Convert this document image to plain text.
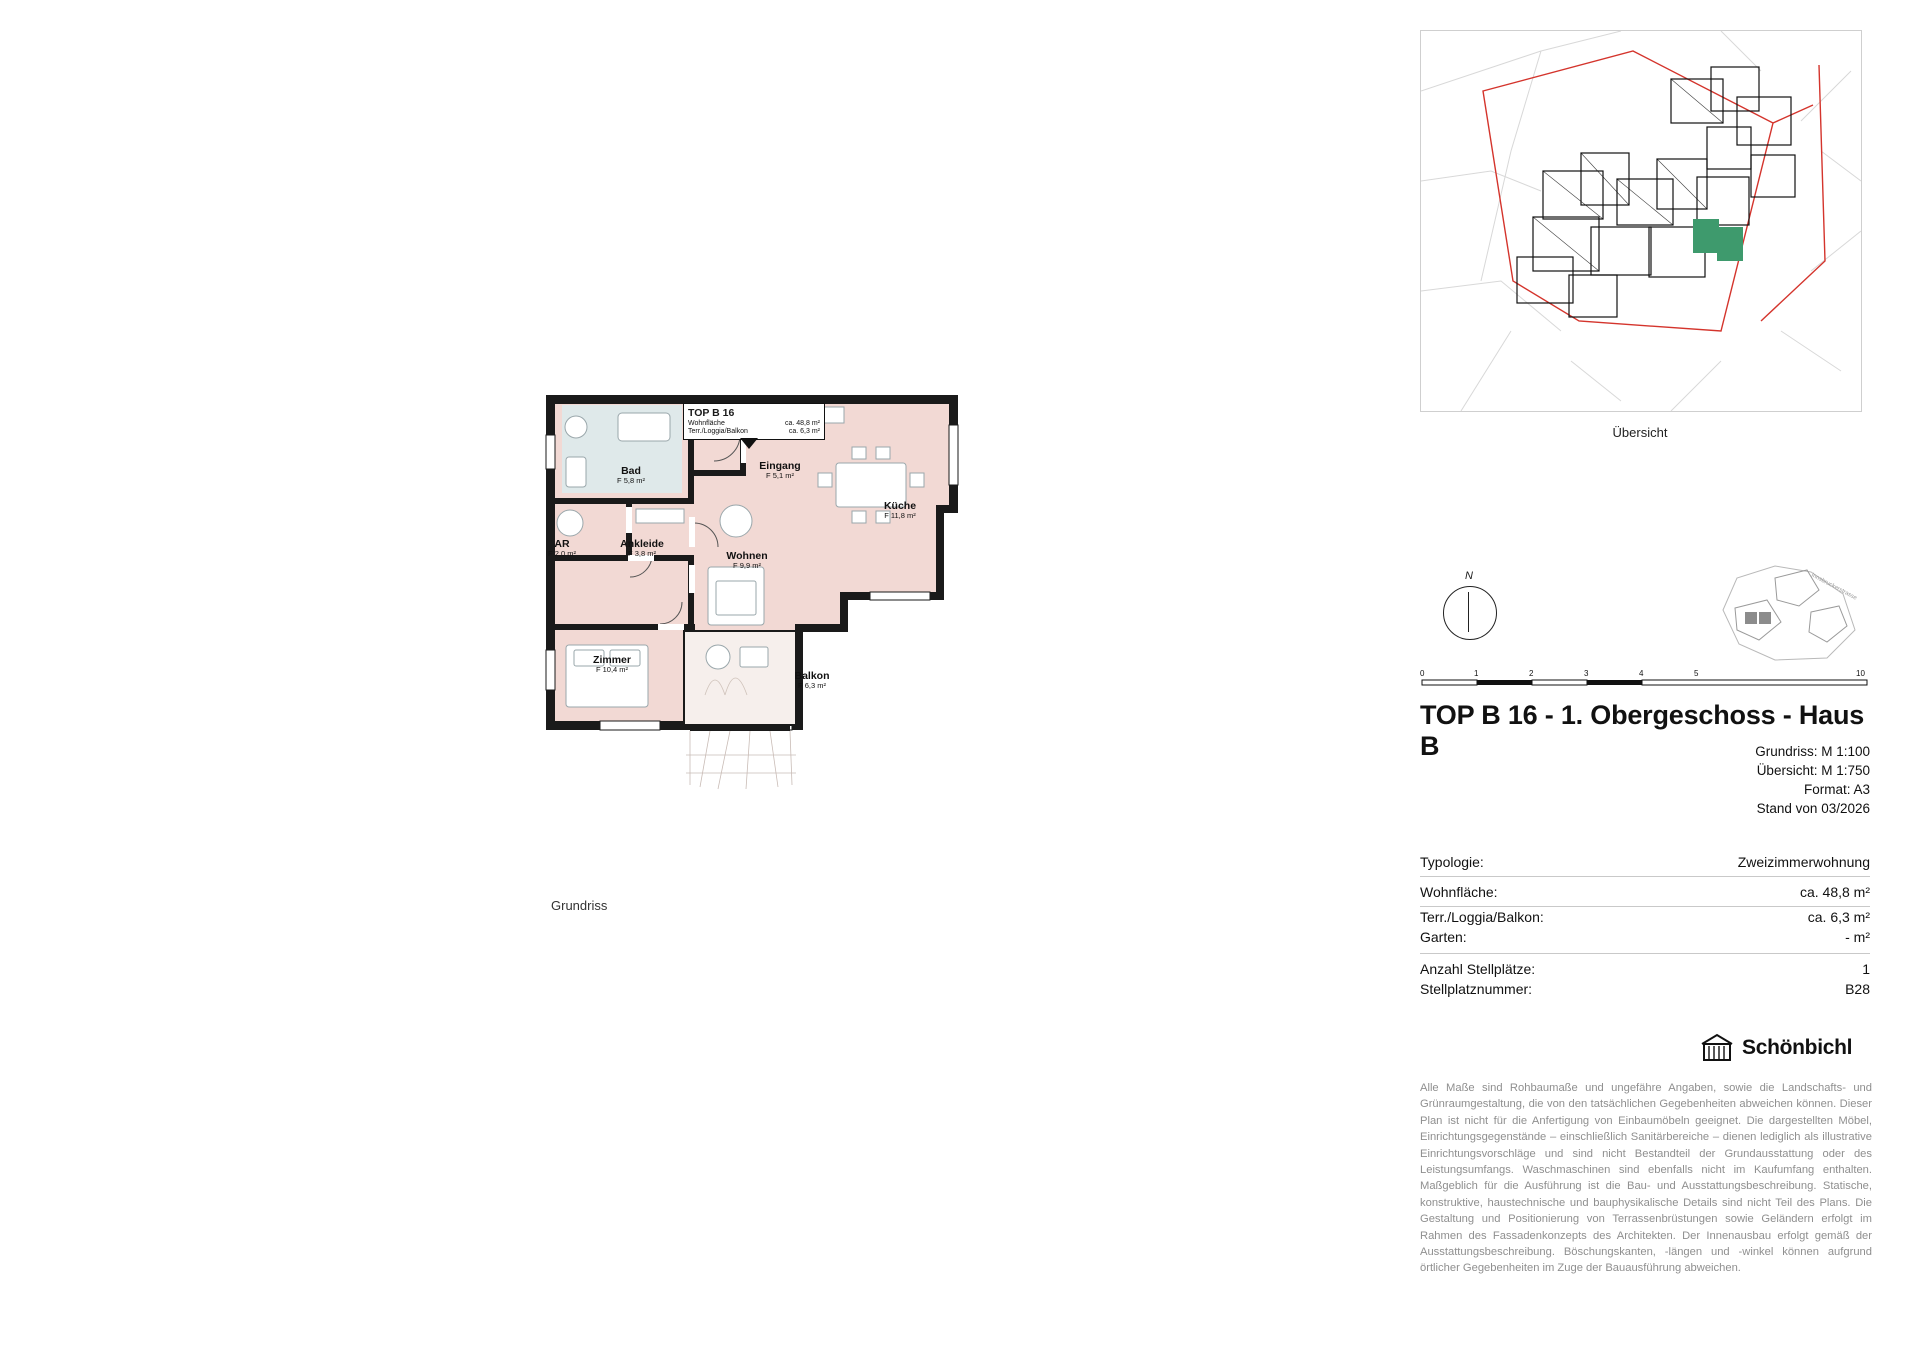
Bad
F 5,8 m²
Eingang
F 5,1 m²
Küche
F 11,8 m²
AR
F 2,0 m²
Ankleide
F 3,8 m²	Wohnen
F 9,9 m²
Zimmer
F 10,4 m²
Balkon
F 6,3 m²
TOP B 16
Wohnfläche	ca. 48,8 m²
Terr./Loggia/Balkon	ca. 6,3 m²
Grundriss
Übersicht
N	Innsbruckerstrasse
0	1	2	3	4	5	10
TOP B 16 - 1. Obergeschoss - Haus B	Grundriss: M 1:100
Übersicht: M 1:750
Format: A3
Stand von 03/2026
Typologie:	Zweizimmerwohnung
Wohnfläche:	ca. 48,8 m²
Terr./Loggia/Balkon:	ca. 6,3 m²
Garten:	- m²
Anzahl Stellplätze:	1
Stellplatznummer:	B28
Schönbichl
Alle Maße sind Rohbaumaße und ungefähre Angaben, sowie die Landschafts- und Grünraumgestaltung, die von den tatsächlichen Gegebenheiten abweichen können. Dieser Plan ist nicht für die Anfertigung von Einbaumöbeln geeignet. Die dargestellten Möbel, Einrichtungsgegenstände – einschließlich Sanitärbereiche – dienen lediglich als illustrative Einrichtungsvorschläge und sind nicht Bestandteil der Grundausstattung oder des Leistungsumfangs. Waschmaschinen sind ebenfalls nicht im Kaufumfang enthalten. Maßgeblich für die Ausführung ist die Bau- und Ausstattungsbeschreibung. Statische, konstruktive, haustechnische und bauphysikalische Details sind nicht Teil des Plans. Die Gestaltung und Positionierung von Terrassenbrüstungen sowie Geländern erfolgt im Rahmen des Fassadenkonzepts des Architekten. Der Innenausbau erfolgt gemäß der Ausstattungsbeschreibung. Böschungskanten, -längen und -winkel können aufgrund örtlicher Gegebenheiten im Zuge der Bauausführung abweichen.
